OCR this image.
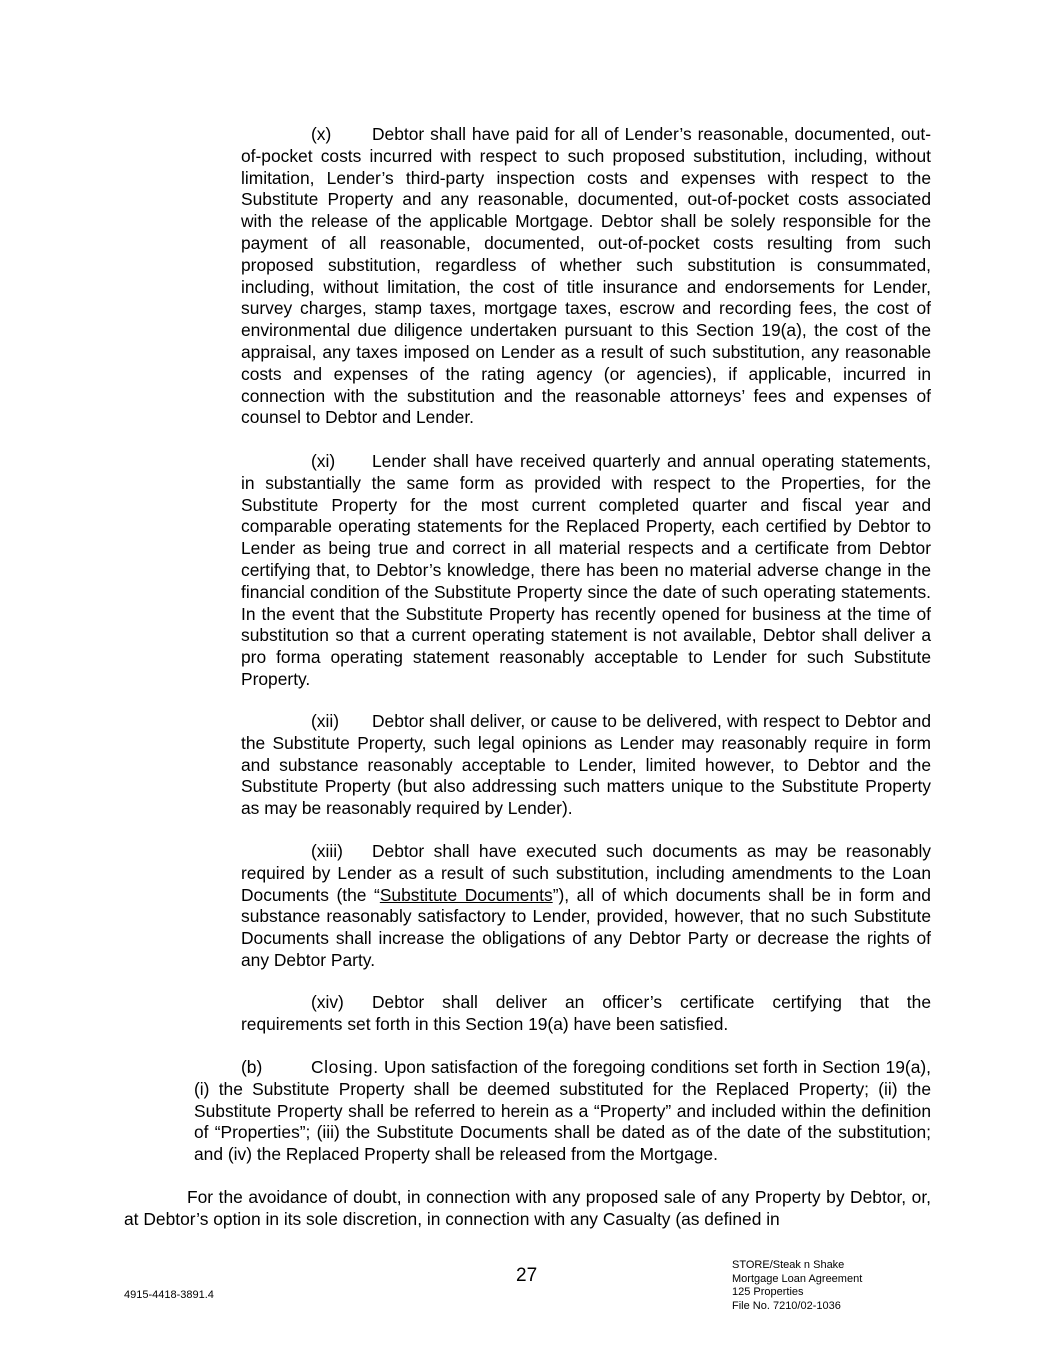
(x) Debtor shall have paid for all of Lender’s reasonable, documented, out-of-pocket costs incurred with respect to such proposed substitution, including, without limitation, Lender’s third-party inspection costs and expenses with respect to the Substitute Property and any reasonable, documented, out-of-pocket costs associated with the release of the applicable Mortgage. Debtor shall be solely responsible for the payment of all reasonable, documented, out-of-pocket costs resulting from such proposed substitution, regardless of whether such substitution is consummated, including, without limitation, the cost of title insurance and endorsements for Lender, survey charges, stamp taxes, mortgage taxes, escrow and recording fees, the cost of environmental due diligence undertaken pursuant to this Section 19(a), the cost of the appraisal, any taxes imposed on Lender as a result of such substitution, any reasonable costs and expenses of the rating agency (or agencies), if applicable, incurred in connection with the substitution and the reasonable attorneys’ fees and expenses of counsel to Debtor and Lender.

(xi) Lender shall have received quarterly and annual operating statements, in substantially the same form as provided with respect to the Properties, for the Substitute Property for the most current completed quarter and fiscal year and comparable operating statements for the Replaced Property, each certified by Debtor to Lender as being true and correct in all material respects and a certificate from Debtor certifying that, to Debtor’s knowledge, there has been no material adverse change in the financial condition of the Substitute Property since the date of such operating statements. In the event that the Substitute Property has recently opened for business at the time of substitution so that a current operating statement is not available, Debtor shall deliver a pro forma operating statement reasonably acceptable to Lender for such Substitute Property.

(xii) Debtor shall deliver, or cause to be delivered, with respect to Debtor and the Substitute Property, such legal opinions as Lender may reasonably require in form and substance reasonably acceptable to Lender, limited however, to Debtor and the Substitute Property (but also addressing such matters unique to the Substitute Property as may be reasonably required by Lender).

(xiii) Debtor shall have executed such documents as may be reasonably required by Lender as a result of such substitution, including amendments to the Loan Documents (the “Substitute Documents”), all of which documents shall be in form and substance reasonably satisfactory to Lender, provided, however, that no such Substitute Documents shall increase the obligations of any Debtor Party or decrease the rights of any Debtor Party.

(xiv) Debtor shall deliver an officer’s certificate certifying that the requirements set forth in this Section 19(a) have been satisfied.

(b)	Closing. Upon satisfaction of the foregoing conditions set forth in Section 19(a), (i) the Substitute Property shall be deemed substituted for the Replaced Property; (ii) the Substitute Property shall be referred to herein as a “Property” and included within the definition of “Properties”; (iii) the Substitute Documents shall be dated as of the date of the substitution; and (iv) the Replaced Property shall be released from the Mortgage.

For the avoidance of doubt, in connection with any proposed sale of any Property by Debtor, or, at Debtor’s option in its sole discretion, in connection with any Casualty (as defined in

27
4915-4418-3891.4
STORE/Steak n Shake
Mortgage Loan Agreement
125 Properties
File No. 7210/02-1036
